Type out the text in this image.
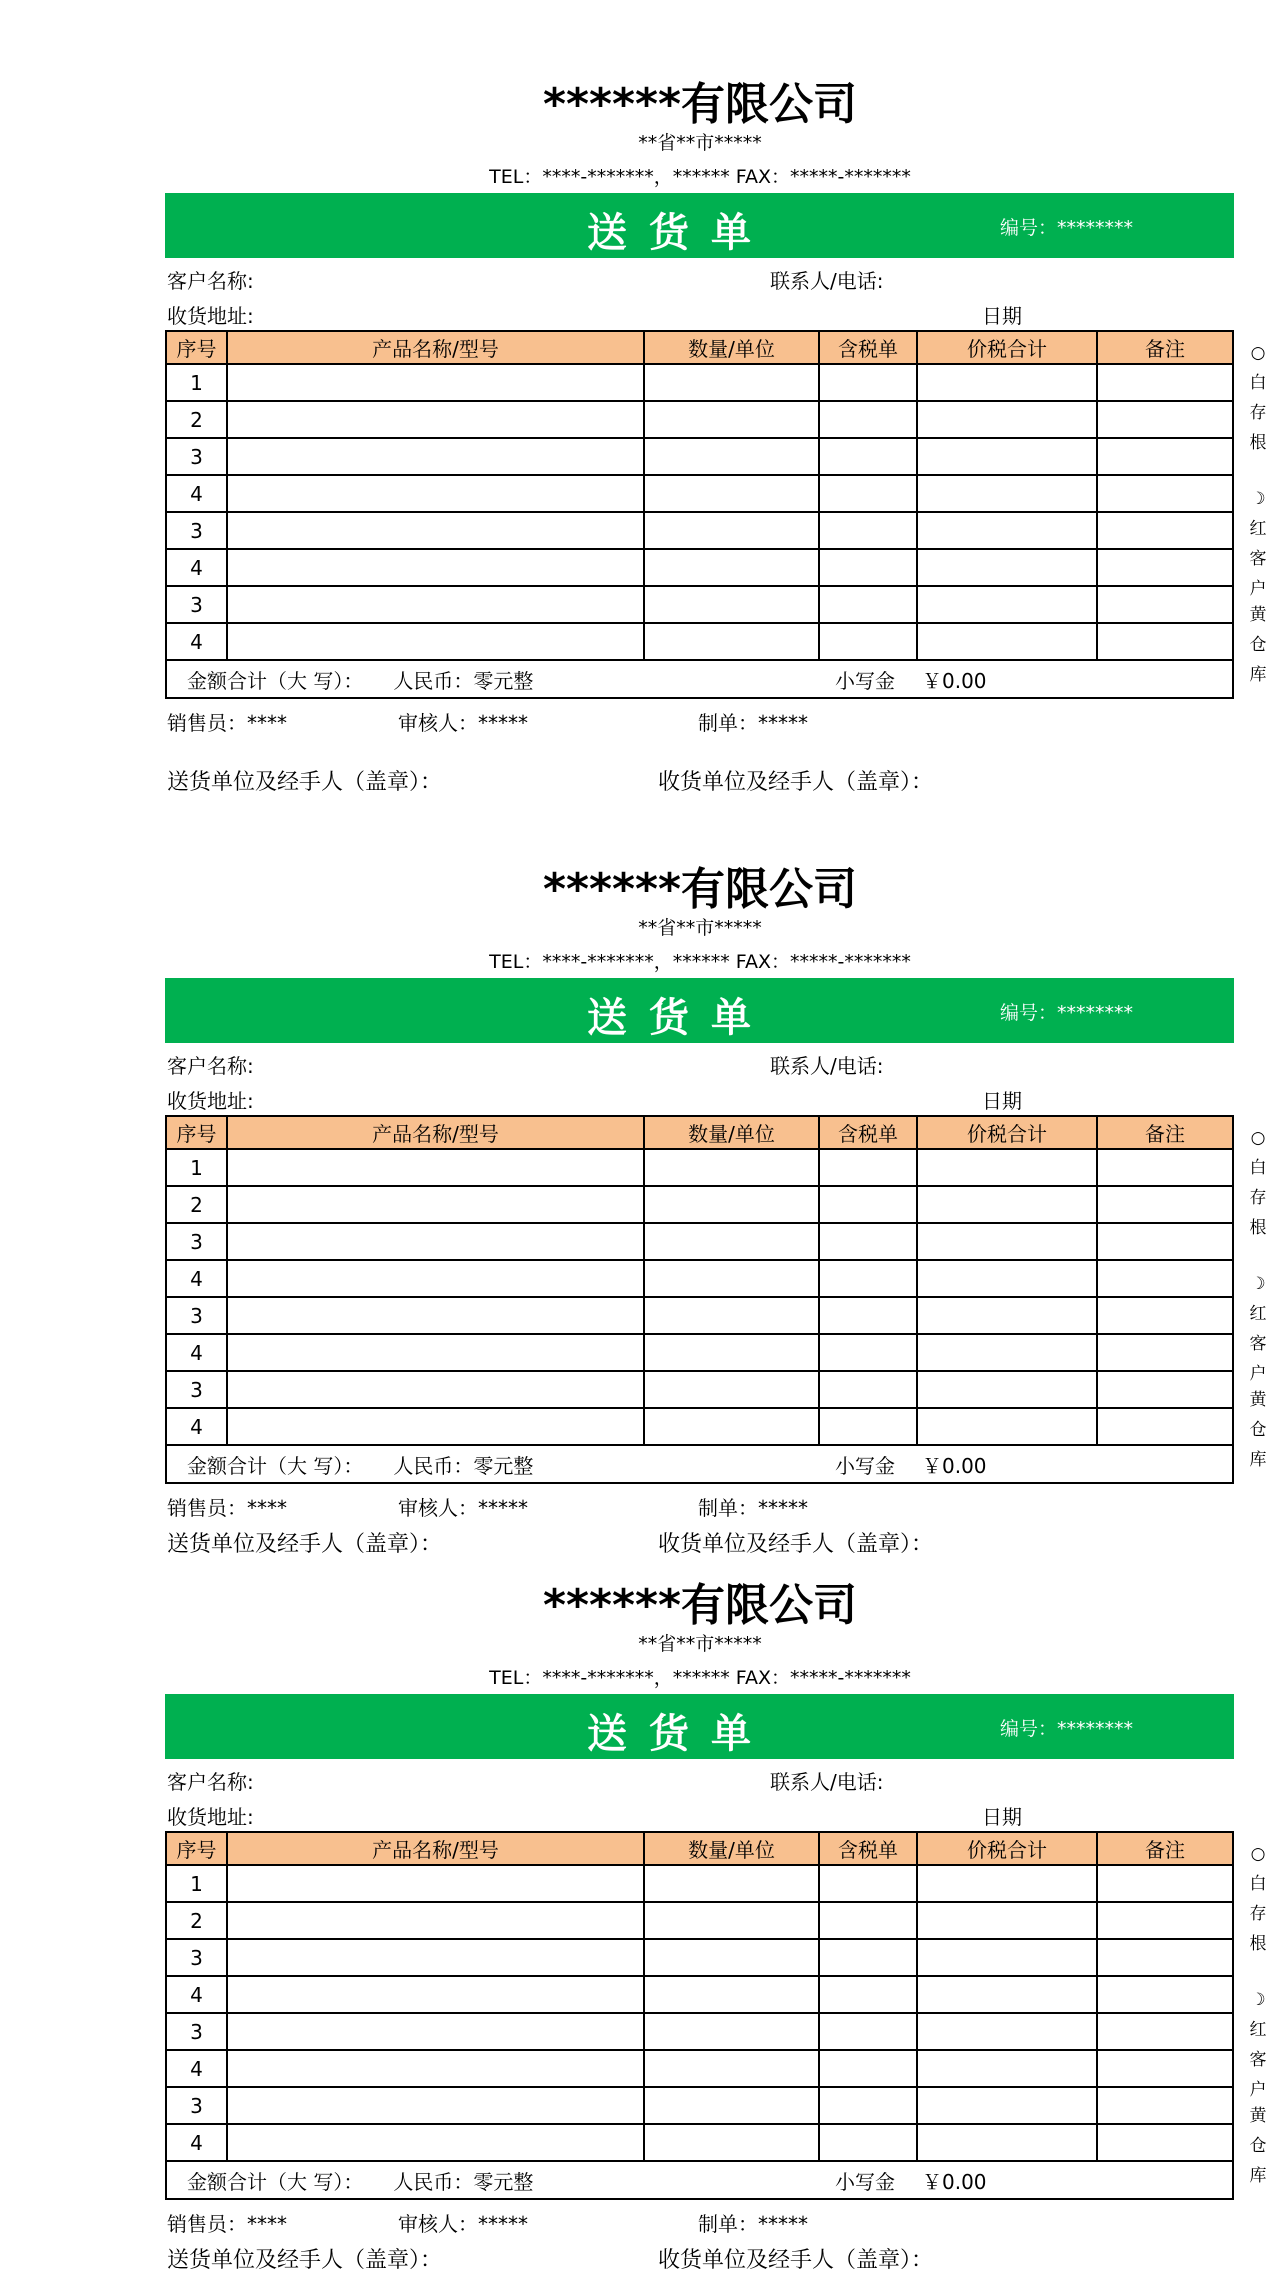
******有限公司
**省**市*****
TEL：****-*******，****** FAX：*****-*******
送货单	编号：********
客户名称:	联系人/电话:
收货地址:	日期
序号	产品名称/型号	数量/单位	含税单	价税合计	备注
1					
2					
3					
4					
3					
4					
3					
4					
金额合计（大 写）： 人民币：零元整 小写金 ￥0.00					
○白存根
☽红客户
黄仓库
销售员：****	审核人：*****	制单：*****
送货单位及经手人（盖章）：	收货单位及经手人（盖章）：
******有限公司
**省**市*****
TEL：****-*******，****** FAX：*****-*******
送货单	编号：********
客户名称:	联系人/电话:
收货地址:	日期
序号	产品名称/型号	数量/单位	含税单	价税合计	备注
1					
2					
3					
4					
3					
4					
3					
4					
金额合计（大 写）： 人民币：零元整 小写金 ￥0.00					
○白存根
☽红客户
黄仓库
销售员：****	审核人：*****	制单：*****
送货单位及经手人（盖章）：	收货单位及经手人（盖章）：
******有限公司
**省**市*****
TEL：****-*******，****** FAX：*****-*******
送货单	编号：********
客户名称:	联系人/电话:
收货地址:	日期
序号	产品名称/型号	数量/单位	含税单	价税合计	备注
1					
2					
3					
4					
3					
4					
3					
4					
金额合计（大 写）： 人民币：零元整 小写金 ￥0.00					
○白存根
☽红客户
黄仓库
销售员：****	审核人：*****	制单：*****
送货单位及经手人（盖章）：	收货单位及经手人（盖章）：
